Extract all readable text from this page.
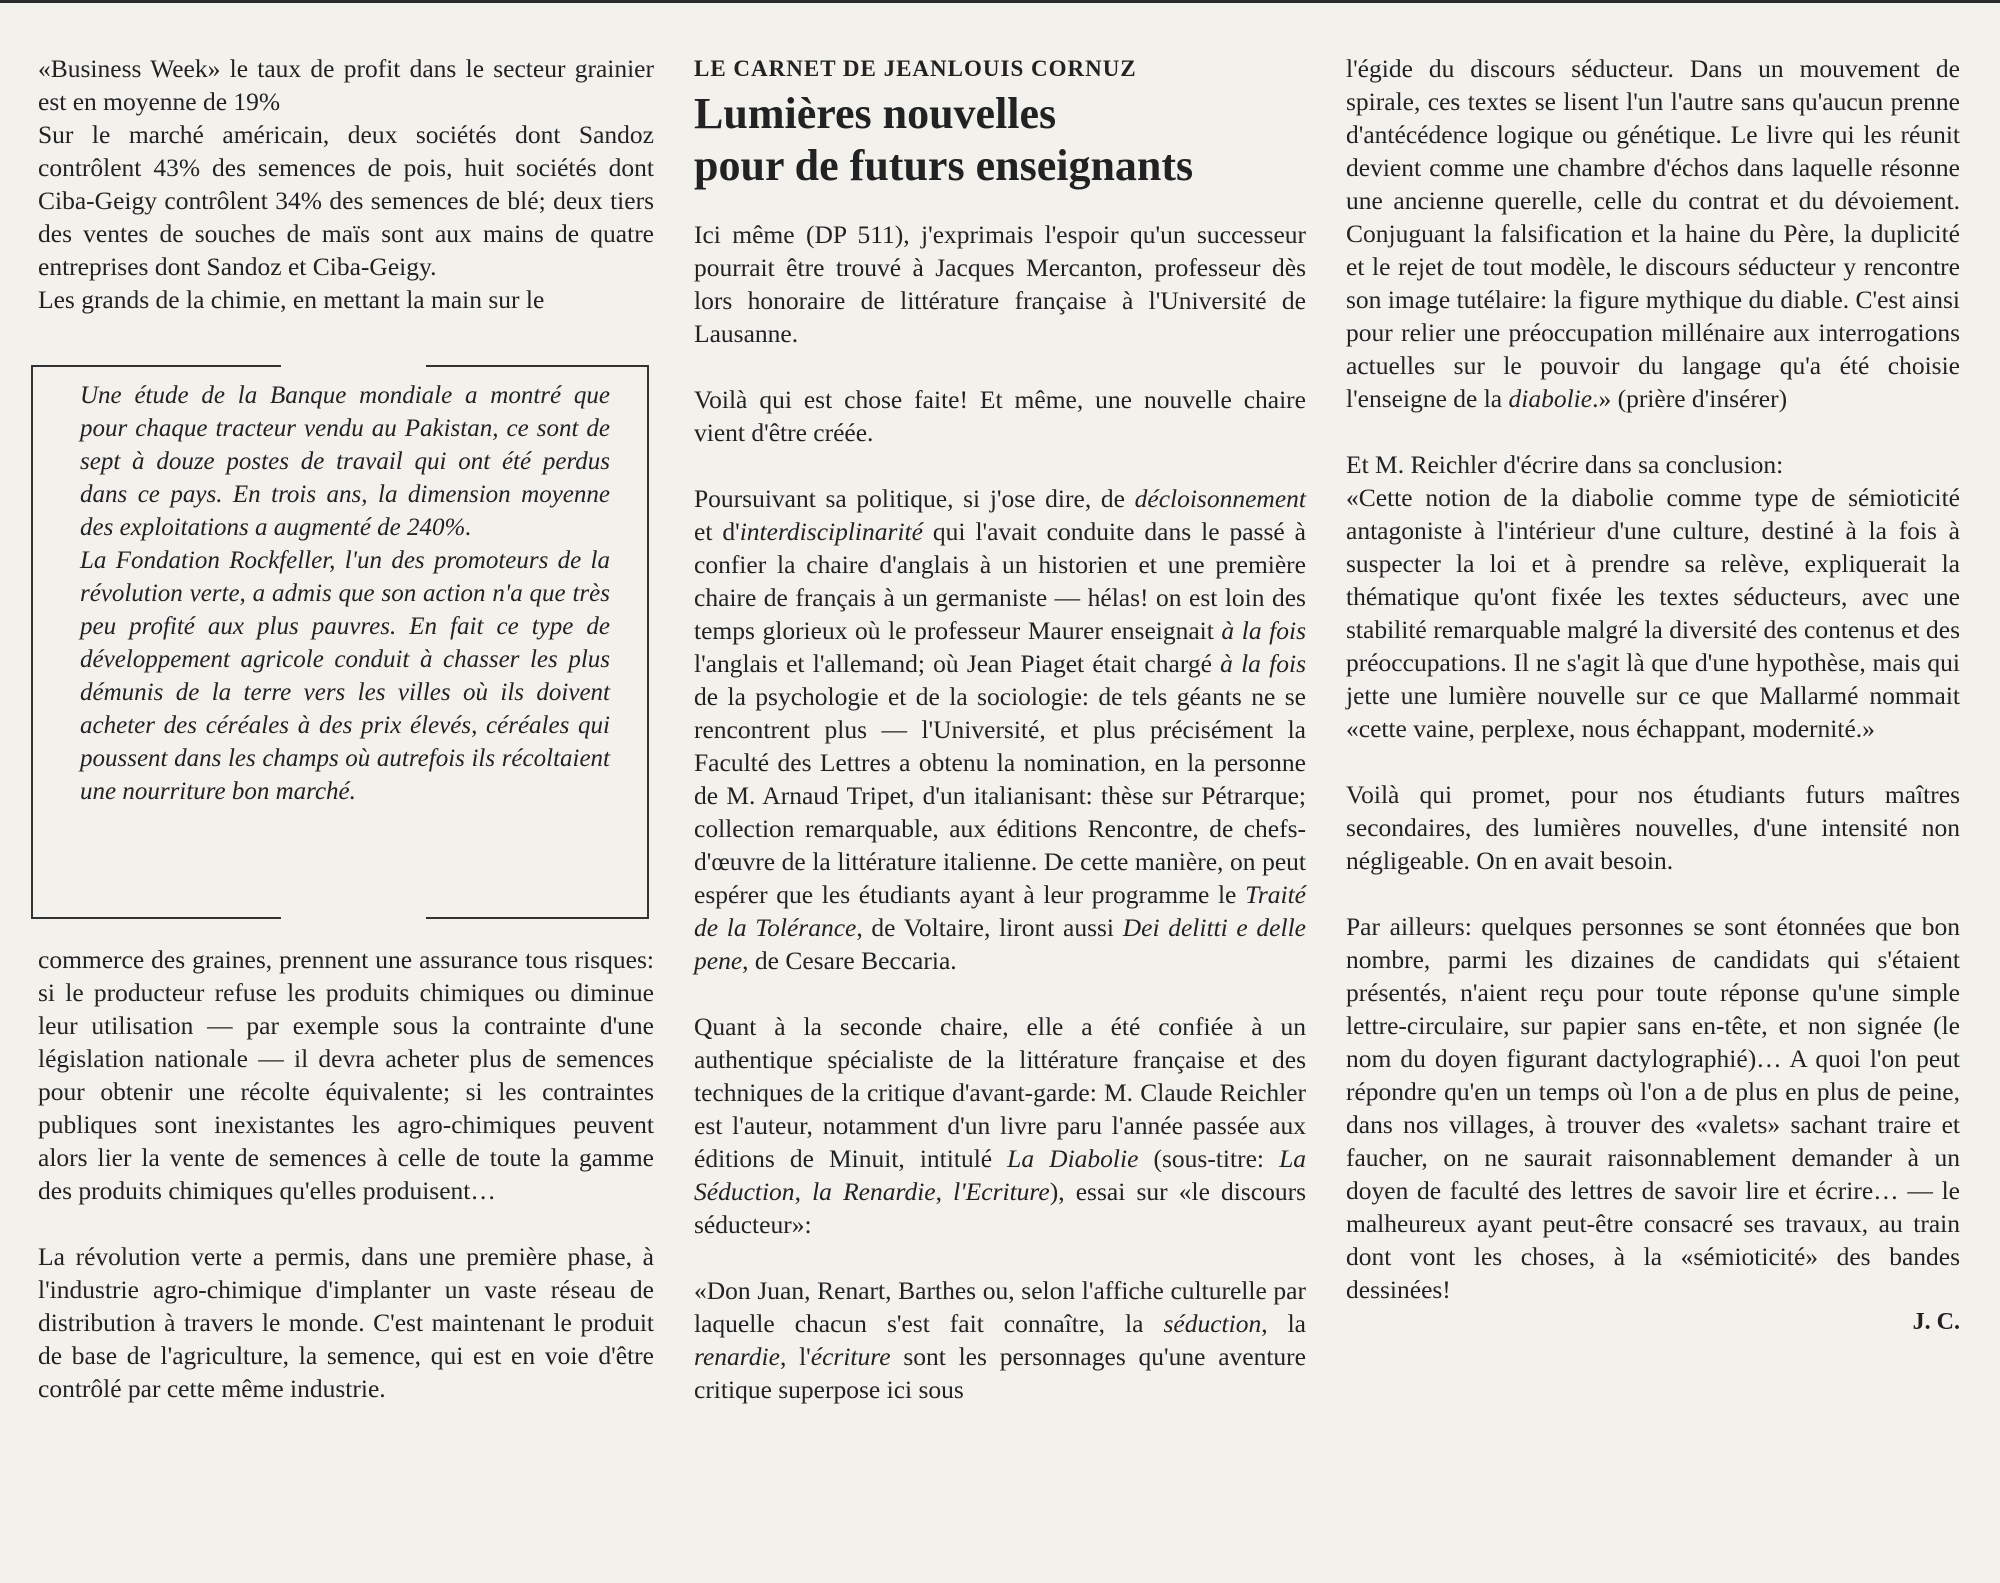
«Business Week» le taux de profit dans le secteur grainier est en moyenne de 19%

Sur le marché américain, deux sociétés dont Sandoz contrôlent 43% des semences de pois, huit sociétés dont Ciba-Geigy contrôlent 34% des semences de blé; deux tiers des ventes de souches de maïs sont aux mains de quatre entreprises dont Sandoz et Ciba-Geigy.

Les grands de la chimie, en mettant la main sur le

Une étude de la Banque mondiale a montré que pour chaque tracteur vendu au Pakistan, ce sont de sept à douze postes de travail qui ont été perdus dans ce pays. En trois ans, la dimension moyenne des exploitations a augmenté de 240%.

La Fondation Rockfeller, l'un des promoteurs de la révolution verte, a admis que son action n'a que très peu profité aux plus pauvres. En fait ce type de développement agricole conduit à chasser les plus démunis de la terre vers les villes où ils doivent acheter des céréales à des prix élevés, céréales qui poussent dans les champs où autrefois ils récoltaient une nourriture bon marché.

commerce des graines, prennent une assurance tous risques: si le producteur refuse les produits chimiques ou diminue leur utilisation — par exemple sous la contrainte d'une législation nationale — il devra acheter plus de semences pour obtenir une récolte équivalente; si les contraintes publiques sont inexistantes les agro-chimiques peuvent alors lier la vente de semences à celle de toute la gamme des produits chimiques qu'elles produisent…

La révolution verte a permis, dans une première phase, à l'industrie agro-chimique d'implanter un vaste réseau de distribution à travers le monde. C'est maintenant le produit de base de l'agriculture, la semence, qui est en voie d'être contrôlé par cette même industrie.

LE CARNET DE JEANLOUIS CORNUZ

Lumières nouvelles
pour de futurs enseignants

Ici même (DP 511), j'exprimais l'espoir qu'un successeur pourrait être trouvé à Jacques Mercanton, professeur dès lors honoraire de littérature française à l'Université de Lausanne.

Voilà qui est chose faite! Et même, une nouvelle chaire vient d'être créée.

Poursuivant sa politique, si j'ose dire, de décloisonnement et d'interdisciplinarité qui l'avait conduite dans le passé à confier la chaire d'anglais à un historien et une première chaire de français à un germaniste — hélas! on est loin des temps glorieux où le professeur Maurer enseignait à la fois l'anglais et l'allemand; où Jean Piaget était chargé à la fois de la psychologie et de la sociologie: de tels géants ne se rencontrent plus — l'Université, et plus précisément la Faculté des Lettres a obtenu la nomination, en la personne de M. Arnaud Tripet, d'un italianisant: thèse sur Pétrarque; collection remarquable, aux éditions Rencontre, de chefs-d'œuvre de la littérature italienne. De cette manière, on peut espérer que les étudiants ayant à leur programme le Traité de la Tolérance, de Voltaire, liront aussi Dei delitti e delle pene, de Cesare Beccaria.

Quant à la seconde chaire, elle a été confiée à un authentique spécialiste de la littérature française et des techniques de la critique d'avant-garde: M. Claude Reichler est l'auteur, notamment d'un livre paru l'année passée aux éditions de Minuit, intitulé La Diabolie (sous-titre: La Séduction, la Renardie, l'Ecriture), essai sur «le discours séducteur»:

«Don Juan, Renart, Barthes ou, selon l'affiche culturelle par laquelle chacun s'est fait connaître, la séduction, la renardie, l'écriture sont les personnages qu'une aventure critique superpose ici sous

l'égide du discours séducteur. Dans un mouvement de spirale, ces textes se lisent l'un l'autre sans qu'aucun prenne d'antécédence logique ou génétique. Le livre qui les réunit devient comme une chambre d'échos dans laquelle résonne une ancienne querelle, celle du contrat et du dévoiement. Conjuguant la falsification et la haine du Père, la duplicité et le rejet de tout modèle, le discours séducteur y rencontre son image tutélaire: la figure mythique du diable. C'est ainsi pour relier une préoccupation millénaire aux interrogations actuelles sur le pouvoir du langage qu'a été choisie l'enseigne de la diabolie.» (prière d'insérer)

Et M. Reichler d'écrire dans sa conclusion:

«Cette notion de la diabolie comme type de sémioticité antagoniste à l'intérieur d'une culture, destiné à la fois à suspecter la loi et à prendre sa relève, expliquerait la thématique qu'ont fixée les textes séducteurs, avec une stabilité remarquable malgré la diversité des contenus et des préoccupations. Il ne s'agit là que d'une hypothèse, mais qui jette une lumière nouvelle sur ce que Mallarmé nommait «cette vaine, perplexe, nous échappant, modernité.»

Voilà qui promet, pour nos étudiants futurs maîtres secondaires, des lumières nouvelles, d'une intensité non négligeable. On en avait besoin.

Par ailleurs: quelques personnes se sont étonnées que bon nombre, parmi les dizaines de candidats qui s'étaient présentés, n'aient reçu pour toute réponse qu'une simple lettre-circulaire, sur papier sans en-tête, et non signée (le nom du doyen figurant dactylographié)… A quoi l'on peut répondre qu'en un temps où l'on a de plus en plus de peine, dans nos villages, à trouver des «valets» sachant traire et faucher, on ne saurait raisonnablement demander à un doyen de faculté des lettres de savoir lire et écrire… — le malheureux ayant peut-être consacré ses travaux, au train dont vont les choses, à la «sémioticité» des bandes dessinées!

J. C.
